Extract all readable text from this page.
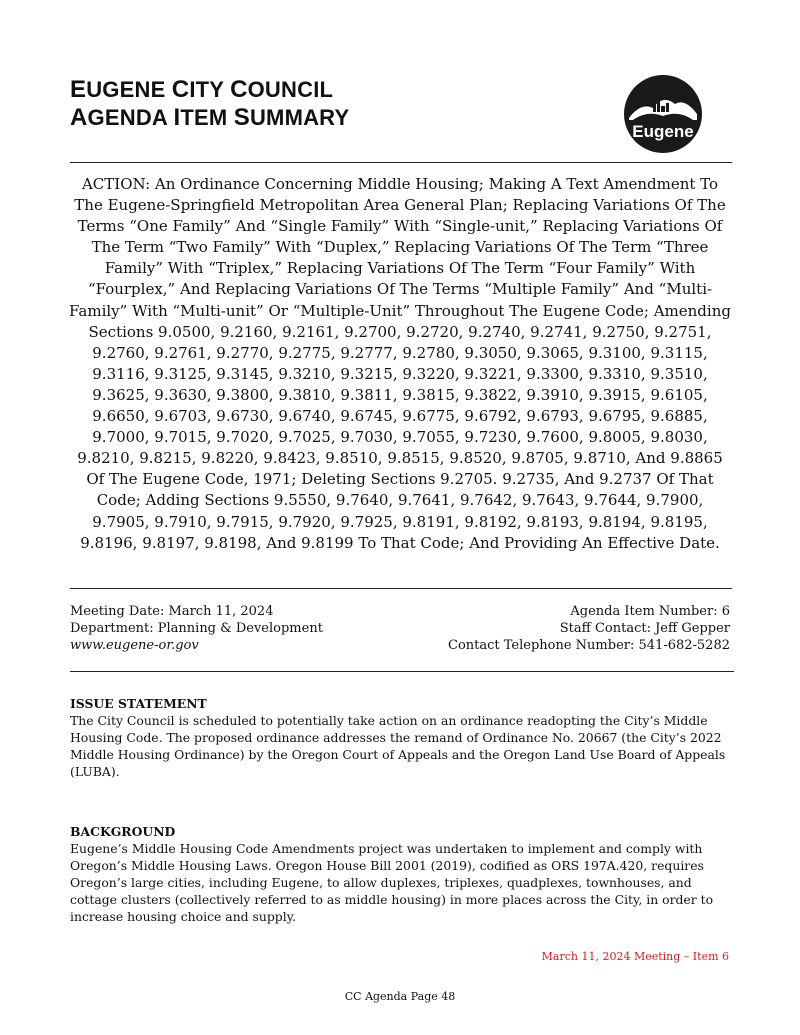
EUGENE CITY COUNCIL
AGENDA ITEM SUMMARY
Eugene
ACTION: An Ordinance Concerning Middle Housing; Making A Text Amendment To The Eugene-Springfield Metropolitan Area General Plan; Replacing Variations Of The Terms “One Family” And “Single Family” With “Single-unit,” Replacing Variations Of The Term “Two Family” With “Duplex,” Replacing Variations Of The Term “Three Family” With “Triplex,” Replacing Variations Of The Term “Four Family” With “Fourplex,” And Replacing Variations Of The Terms “Multiple Family” And “Multi-Family” With “Multi-unit” Or “Multiple-Unit” Throughout The Eugene Code; Amending Sections 9.0500, 9.2160, 9.2161, 9.2700, 9.2720, 9.2740, 9.2741, 9.2750, 9.2751, 9.2760, 9.2761, 9.2770, 9.2775, 9.2777, 9.2780, 9.3050, 9.3065, 9.3100, 9.3115, 9.3116, 9.3125, 9.3145, 9.3210, 9.3215, 9.3220, 9.3221, 9.3300, 9.3310, 9.3510, 9.3625, 9.3630, 9.3800, 9.3810, 9.3811, 9.3815, 9.3822, 9.3910, 9.3915, 9.6105, 9.6650, 9.6703, 9.6730, 9.6740, 9.6745, 9.6775, 9.6792, 9.6793, 9.6795, 9.6885, 9.7000, 9.7015, 9.7020, 9.7025, 9.7030, 9.7055, 9.7230, 9.7600, 9.8005, 9.8030, 9.8210, 9.8215, 9.8220, 9.8423, 9.8510, 9.8515, 9.8520, 9.8705, 9.8710, And 9.8865 Of The Eugene Code, 1971; Deleting Sections 9.2705. 9.2735, And 9.2737 Of That Code; Adding Sections 9.5550, 9.7640, 9.7641, 9.7642, 9.7643, 9.7644, 9.7900, 9.7905, 9.7910, 9.7915, 9.7920, 9.7925, 9.8191, 9.8192, 9.8193, 9.8194, 9.8195, 9.8196, 9.8197, 9.8198, And 9.8199 To That Code; And Providing An Effective Date.
Meeting Date: March 11, 2024	Agenda Item Number: 6
Department: Planning & Development	Staff Contact: Jeff Gepper
www.eugene-or.gov	Contact Telephone Number: 541-682-5282
ISSUE STATEMENT
The City Council is scheduled to potentially take action on an ordinance readopting the City’s Middle Housing Code. The proposed ordinance addresses the remand of Ordinance No. 20667 (the City’s 2022 Middle Housing Ordinance) by the Oregon Court of Appeals and the Oregon Land Use Board of Appeals (LUBA).
BACKGROUND
Eugene’s Middle Housing Code Amendments project was undertaken to implement and comply with Oregon’s Middle Housing Laws. Oregon House Bill 2001 (2019), codified as ORS 197A.420, requires Oregon’s large cities, including Eugene, to allow duplexes, triplexes, quadplexes, townhouses, and cottage clusters (collectively referred to as middle housing) in more places across the City, in order to increase housing choice and supply.
March 11, 2024 Meeting – Item 6
CC Agenda Page 48
